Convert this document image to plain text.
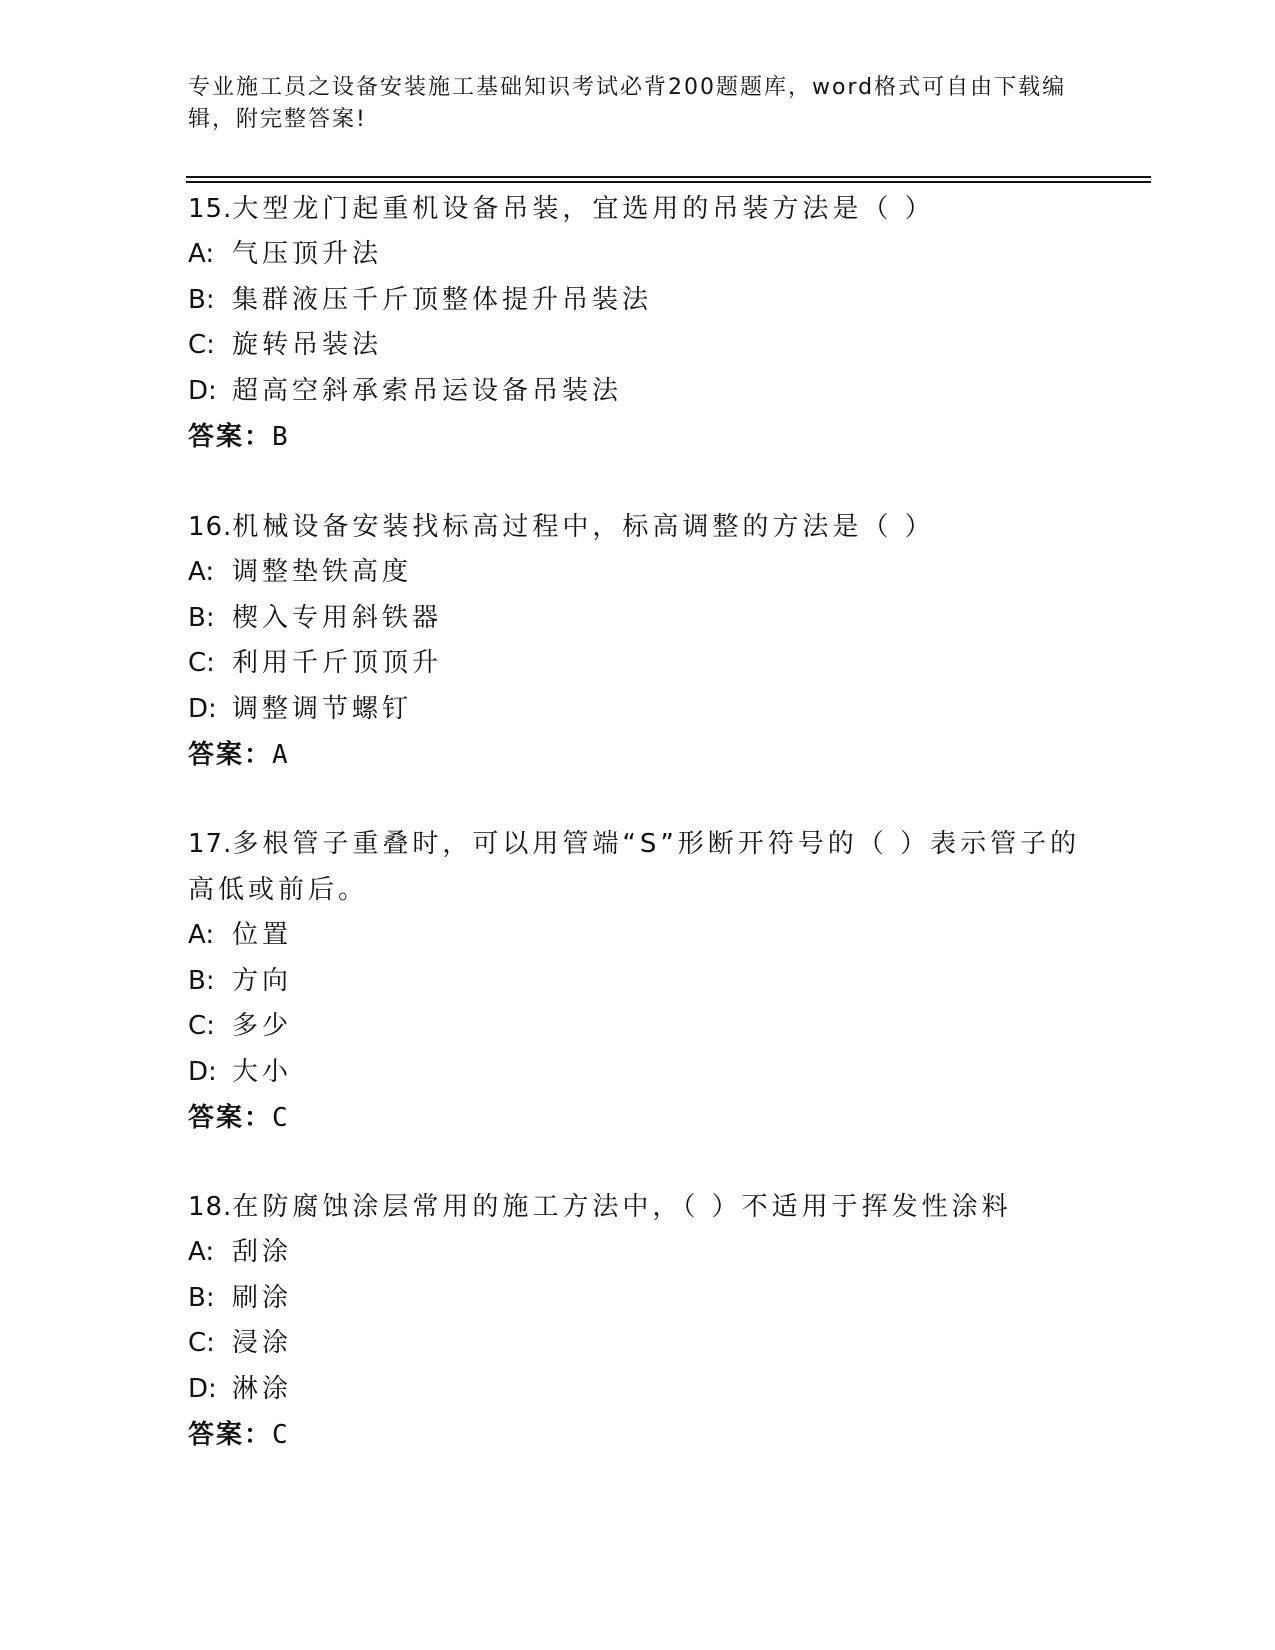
专业施工员之设备安装施工基础知识考试必背200题题库，word格式可自由下载编辑，附完整答案!

15.大型龙门起重机设备吊装，宜选用的吊装方法是（ ）

A: 气压顶升法
B: 集群液压千斤顶整体提升吊装法
C: 旋转吊装法
D: 超高空斜承索吊运设备吊装法
答案：B

16.机械设备安装找标高过程中，标高调整的方法是（ ）

A: 调整垫铁高度
B: 楔入专用斜铁器
C: 利用千斤顶顶升
D: 调整调节螺钉
答案：A

17.多根管子重叠时，可以用管端“S”形断开符号的（ ）表示管子的高低或前后。

A: 位置
B: 方向
C: 多少
D: 大小
答案：C

18.在防腐蚀涂层常用的施工方法中，（ ）不适用于挥发性涂料

A: 刮涂
B: 刷涂
C: 浸涂
D: 淋涂
答案：C
